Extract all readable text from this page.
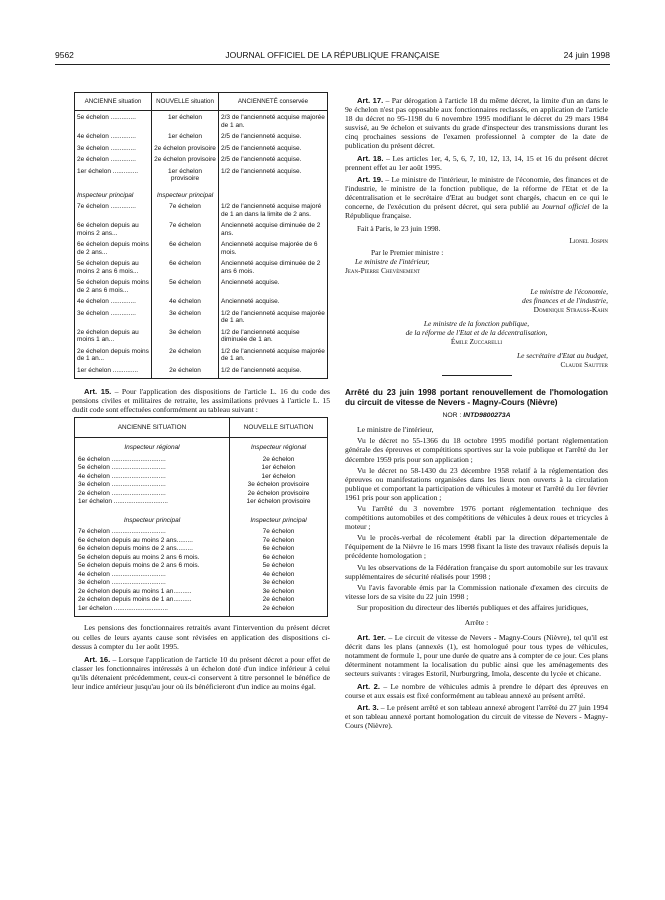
9562	JOURNAL OFFICIEL DE LA RÉPUBLIQUE FRANÇAISE	24 juin 1998
ANCIENNE situation	NOUVELLE situation	ANCIENNETÉ conservée
5e échelon ..............	1er échelon	2/3 de l'ancienneté acquise majorée de 1 an.
4e échelon ..............	1er échelon	2/5 de l'ancienneté acquise.
3e échelon ..............	2e échelon provisoire	2/5 de l'ancienneté acquise.
2e échelon ..............	2e échelon provisoire	2/5 de l'ancienneté acquise.
1er échelon ..............	1er échelon provisoire	1/2 de l'ancienneté acquise.
Inspecteur principal	Inspecteur principal	
7e échelon ..............	7e échelon	1/2 de l'ancienneté acquise majoré de 1 an dans la limite de 2 ans.
6e échelon depuis au moins 2 ans...	7e échelon	Ancienneté acquise diminuée de 2 ans.
6e échelon depuis moins de 2 ans...	6e échelon	Ancienneté acquise majorée de 6 mois.
5e échelon depuis au moins 2 ans 6 mois...	6e échelon	Ancienneté acquise diminuée de 2 ans 6 mois.
5e échelon depuis moins de 2 ans 6 mois...	5e échelon	Ancienneté acquise.
4e échelon ..............	4e échelon	Ancienneté acquise.
3e échelon ..............	3e échelon	1/2 de l'ancienneté acquise majorée de 1 an.
2e échelon depuis au moins 1 an...	3e échelon	1/2 de l'ancienneté acquise diminuée de 1 an.
2e échelon depuis moins de 1 an...	2e échelon	1/2 de l'ancienneté acquise majorée de 1 an.
1er échelon ..............	2e échelon	1/2 de l'ancienneté acquise.

Art. 15. – Pour l'application des dispositions de l'article L. 16 du code des pensions civiles et militaires de retraite, les assimilations prévues à l'article L. 15 dudit code sont effectuées conformément au tableau suivant :

ANCIENNE SITUATION	NOUVELLE SITUATION
Inspecteur régional	Inspecteur régional
6e échelon ..............................	2e échelon
5e échelon ..............................	1er échelon
4e échelon ..............................	1er échelon
3e échelon ..............................	3e échelon provisoire
2e échelon ..............................	2e échelon provisoire
1er échelon ..............................	1er échelon provisoire
Inspecteur principal	Inspecteur principal
7e échelon ..............................	7e échelon
6e échelon depuis au moins 2 ans.........	7e échelon
6e échelon depuis moins de 2 ans.........	6e échelon
5e échelon depuis au moins 2 ans 6 mois.	6e échelon
5e échelon depuis moins de 2 ans 6 mois.	5e échelon
4e échelon ..............................	4e échelon
3e échelon ..............................	3e échelon
2e échelon depuis au moins 1 an..........	3e échelon
2e échelon depuis moins de 1 an..........	2e échelon
1er échelon ..............................	2e échelon

Les pensions des fonctionnaires retraités avant l'intervention du présent décret ou celles de leurs ayants cause sont révisées en application des dispositions ci-dessus à compter du 1er août 1995.

Art. 16. – Lorsque l'application de l'article 10 du présent décret a pour effet de classer les fonctionnaires intéressés à un échelon doté d'un indice inférieur à celui qu'ils détenaient précédemment, ceux-ci conservent à titre personnel le bénéfice de leur indice antérieur jusqu'au jour où ils bénéficieront d'un indice au moins égal.

Art. 17. – Par dérogation à l'article 18 du même décret, la limite d'un an dans le 9e échelon n'est pas opposable aux fonctionnaires reclassés, en application de l'article 18 du décret no 95-1198 du 6 novembre 1995 modifiant le décret du 29 mars 1984 susvisé, au 9e échelon et suivants du grade d'inspecteur des transmissions durant les cinq prochaines sessions de l'examen professionnel à compter de la date de publication du présent décret.

Art. 18. – Les articles 1er, 4, 5, 6, 7, 10, 12, 13, 14, 15 et 16 du présent décret prennent effet au 1er août 1995.

Art. 19. – Le ministre de l'intérieur, le ministre de l'économie, des finances et de l'industrie, le ministre de la fonction publique, de la réforme de l'Etat et de la décentralisation et le secrétaire d'Etat au budget sont chargés, chacun en ce qui le concerne, de l'exécution du présent décret, qui sera publié au Journal officiel de la République française.

Fait à Paris, le 23 juin 1998.
Lionel Jospin
Par le Premier ministre :
Le ministre de l'intérieur,
Jean-Pierre Chevènement
Le ministre de l'économie,
des finances et de l'industrie,
Dominique Strauss-Kahn
Le ministre de la fonction publique,
de la réforme de l'Etat et de la décentralisation,
Émile Zuccarelli
Le secrétaire d'Etat au budget,
Claude Sautter

Arrêté du 23 juin 1998 portant renouvellement de l'homologation du circuit de vitesse de Nevers - Magny-Cours (Nièvre)

NOR : INTD9800273A

Le ministre de l'intérieur,

Vu le décret no 55-1366 du 18 octobre 1995 modifié portant réglementation générale des épreuves et compétitions sportives sur la voie publique et l'arrêté du 1er décembre 1959 pris pour son application ;

Vu le décret no 58-1430 du 23 décembre 1958 relatif à la réglementation des épreuves ou manifestations organisées dans les lieux non ouverts à la circulation publique et comportant la participation de véhicules à moteur et l'arrêté du 1er février 1961 pris pour son application ;

Vu l'arrêté du 3 novembre 1976 portant réglementation technique des compétitions automobiles et des compétitions de véhicules à deux roues et tricycles à moteur ;

Vu le procès-verbal de récolement établi par la direction départementale de l'équipement de la Nièvre le 16 mars 1998 fixant la liste des travaux réalisés depuis la précédente homologation ;

Vu les observations de la Fédération française du sport automobile sur les travaux supplémentaires de sécurité réalisés pour 1998 ;

Vu l'avis favorable émis par la Commission nationale d'examen des circuits de vitesse lors de sa visite du 22 juin 1998 ;

Sur proposition du directeur des libertés publiques et des affaires juridiques,

Arrête :

Art. 1er. – Le circuit de vitesse de Nevers - Magny-Cours (Nièvre), tel qu'il est décrit dans les plans (annexés (1), est homologué pour tous types de véhicules, notamment de formule 1, pour une durée de quatre ans à compter de ce jour. Ces plans déterminent notamment la localisation du public ainsi que les aménagements des secteurs suivants : virages Estoril, Nurburgring, Imola, descente du lycée et chicane.

Art. 2. – Le nombre de véhicules admis à prendre le départ des épreuves en course et aux essais est fixé conformément au tableau annexé au présent arrêté.

Art. 3. – Le présent arrêté et son tableau annexé abrogent l'arrêté du 27 juin 1994 et son tableau annexé portant homologation du circuit de vitesse de Nevers - Magny-Cours (Nièvre).
